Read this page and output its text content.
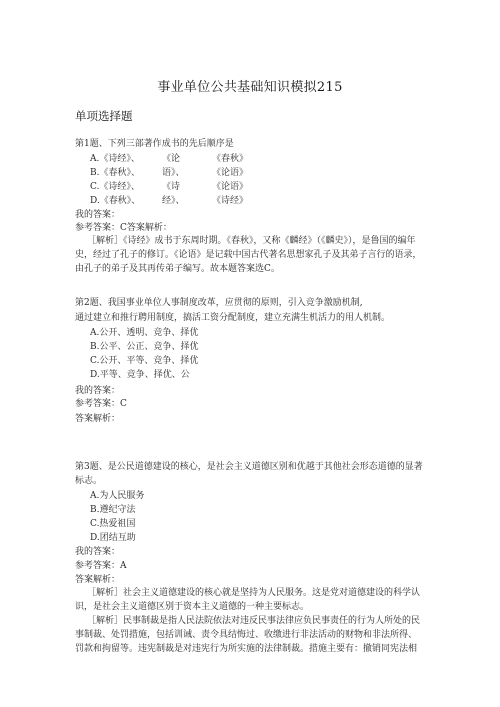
事业单位公共基础知识模拟215
单项选择题
第1题、下列三部著作成书的先后顺序是
A.《诗经》、 《论	《春秋》
B.《春秋》、 语》、	《论语》
C.《诗经》、 《诗	《论语》
D.《春秋》、 经》、	《诗经》
我的答案：
参考答案：C答案解析：
［解析］《诗经》成书于东周时期。《春秋》，又称《麟经》（《麟史》），是鲁国的编年史，经过了孔子的修订。《论语》是记载中国古代著名思想家孔子及其弟子言行的语录，由孔子的弟子及其再传弟子编写。故本题答案选C。
第2题、我国事业单位人事制度改革，应贯彻的原则，引入竞争激励机制,
通过建立和推行聘用制度，搞活工资分配制度，建立充满生机活力的用人机制。
A.公开、透明、竞争、择优
B.公平、公正、竞争、择优
C.公开、平等、竞争、择优
D.平等、竞争、择优、公
我的答案：
参考答案：C
答案解析：
第3题、是公民道德建设的核心，是社会主义道德区别和优越于其他社会形态道德的显著标志。
A.为人民服务
B.遵纪守法
C.热爱祖国
D.团结互助
我的答案：
参考答案：A
答案解析：
［解析］社会主义道德建设的核心就是坚持为人民服务。这是党对道德建设的科学认识，是社会主义道德区别于资本主义道德的一种主要标志。
［解析］民事制裁是指人民法院依法对违反民事法律应负民事责任的行为人所处的民事制裁、处罚措施，包括训诫、责令具结悔过、收缴进行非法活动的财物和非法所得、罚款和拘留等。违宪制裁是对违宪行为所实施的法律制裁。措施主要有：撤销同宪法相
